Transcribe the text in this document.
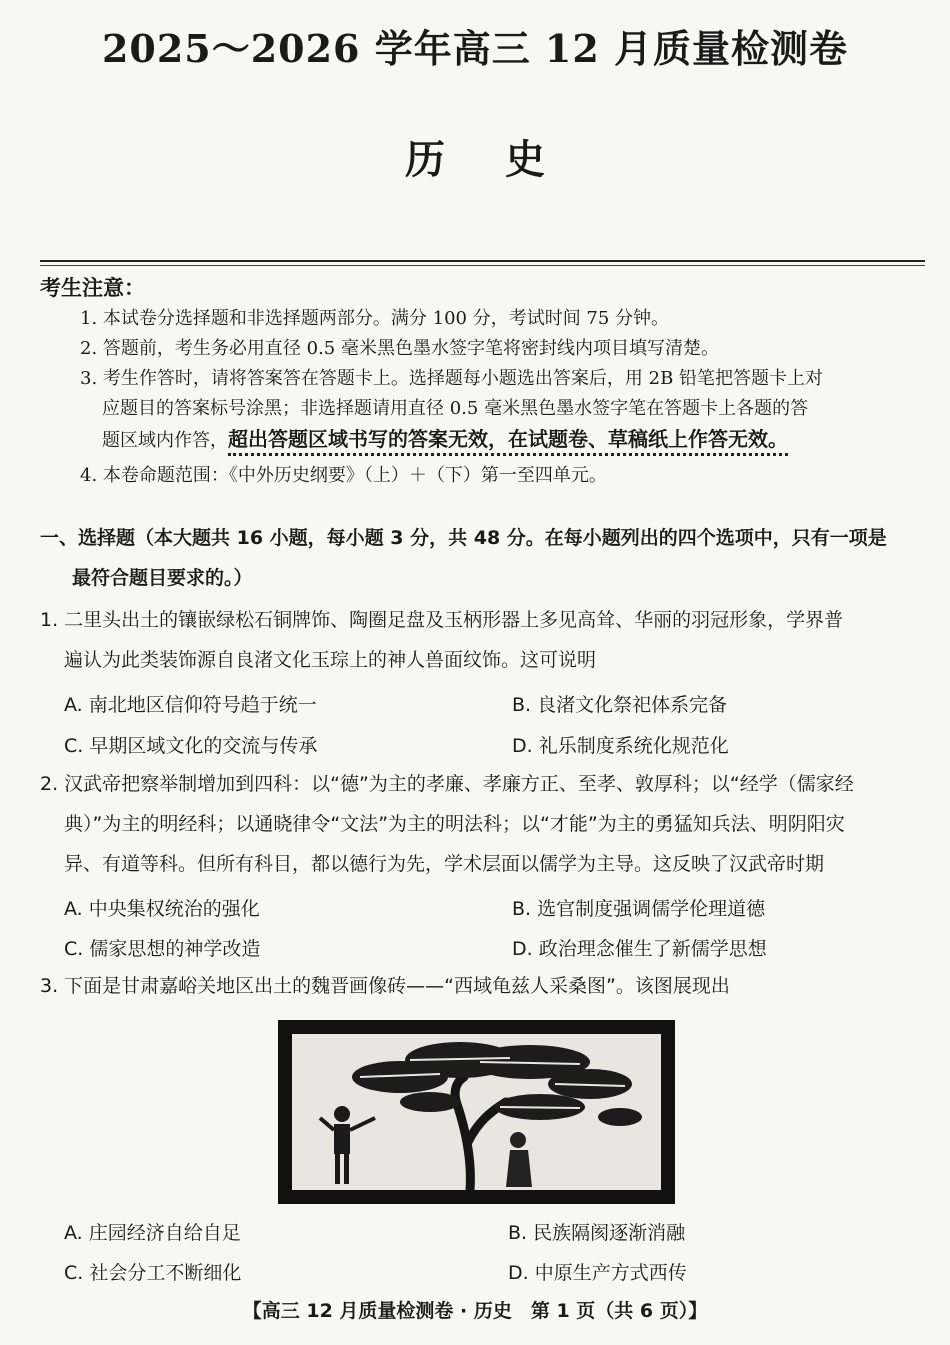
2025～2026 学年高三 12 月质量检测卷
历史
考生注意：
1. 本试卷分选择题和非选择题两部分。满分 100 分，考试时间 75 分钟。
2. 答题前，考生务必用直径 0.5 毫米黑色墨水签字笔将密封线内项目填写清楚。
3. 考生作答时，请将答案答在答题卡上。选择题每小题选出答案后，用 2B 铅笔把答题卡上对
应题目的答案标号涂黑；非选择题请用直径 0.5 毫米黑色墨水签字笔在答题卡上各题的答
题区域内作答，超出答题区域书写的答案无效，在试题卷、草稿纸上作答无效。
4. 本卷命题范围：《中外历史纲要》（上）＋（下）第一至四单元。
一、选择题（本大题共 16 小题，每小题 3 分，共 48 分。在每小题列出的四个选项中，只有一项是
最符合题目要求的。）
1. 二里头出土的镶嵌绿松石铜牌饰、陶圈足盘及玉柄形器上多见高耸、华丽的羽冠形象，学界普
遍认为此类装饰源自良渚文化玉琮上的神人兽面纹饰。这可说明
A. 南北地区信仰符号趋于统一	B. 良渚文化祭祀体系完备
C. 早期区域文化的交流与传承	D. 礼乐制度系统化规范化
2. 汉武帝把察举制增加到四科：以“德”为主的孝廉、孝廉方正、至孝、敦厚科；以“经学（儒家经
典）”为主的明经科；以通晓律令“文法”为主的明法科；以“才能”为主的勇猛知兵法、明阴阳灾
异、有道等科。但所有科目，都以德行为先，学术层面以儒学为主导。这反映了汉武帝时期
A. 中央集权统治的强化	B. 选官制度强调儒学伦理道德
C. 儒家思想的神学改造	D. 政治理念催生了新儒学思想
3. 下面是甘肃嘉峪关地区出土的魏晋画像砖——“西域龟兹人采桑图”。该图展现出
A. 庄园经济自给自足	B. 民族隔阂逐渐消融
C. 社会分工不断细化	D. 中原生产方式西传
【高三 12 月质量检测卷 · 历史　第 1 页（共 6 页）】
